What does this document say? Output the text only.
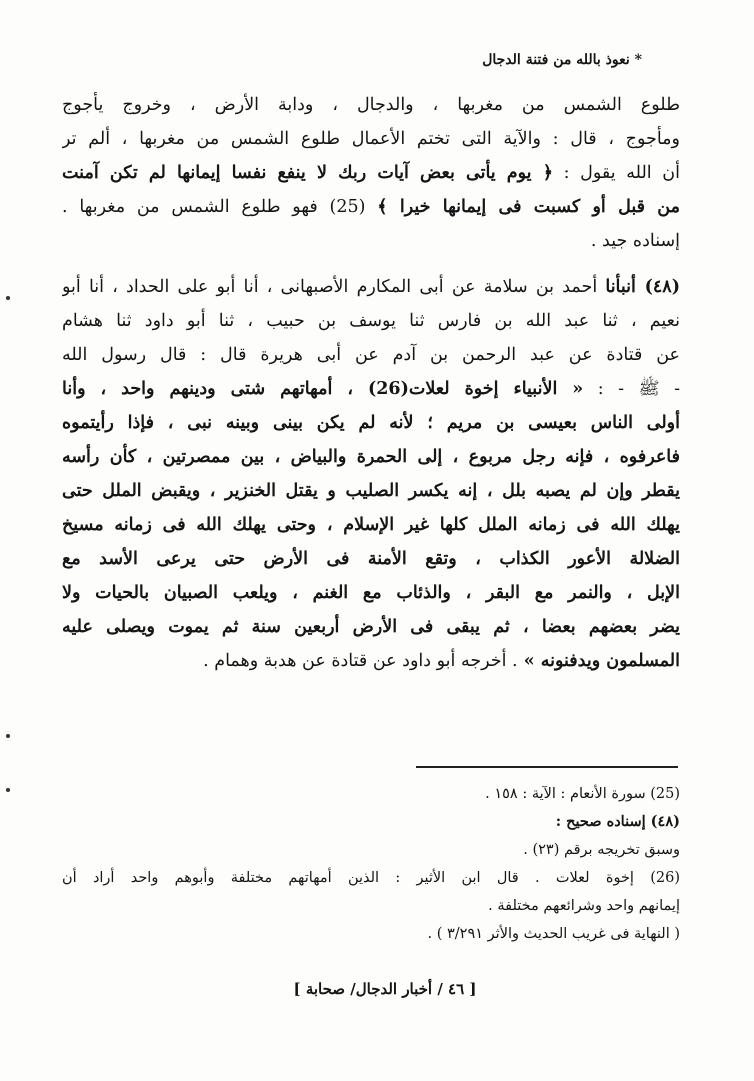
* نعوذ بالله من فتنة الدجال
طلوع الشمس من مغربها ، والدجال ، ودابة الأرض ، وخروج يأجوج
ومأجوج ، قال : والآية التى تختم الأعمال طلوع الشمس من مغربها ، ألم تر
أن الله يقول : ﴿ يوم يأتى بعض آيات ربك لا ينفع نفسا إيمانها لم تكن آمنت
من قبل أو كسبت فى إيمانها خيرا ﴾ (25) فهو طلوع الشمس من مغربها .
إسناده جيد .
(٤٨) أنبأنا أحمد بن سلامة عن أبى المكارم الأصبهانى ، أنا أبو على الحداد ، أنا أبو
نعيم ، ثنا عبد الله بن فارس ثنا يوسف بن حبيب ، ثنا أبو داود ثنا هشام
عن قتادة عن عبد الرحمن بن آدم عن أبى هريرة قال : قال رسول الله
- ﷺ - : « الأنبياء إخوة لعلات(26) ، أمهاتهم شتى ودينهم واحد ، وأنا
أولى الناس بعيسى بن مريم ؛ لأنه لم يكن بينى وبينه نبى ، فإذا رأيتموه
فاعرفوه ، فإنه رجل مربوع ، إلى الحمرة والبياض ، بين ممصرتين ، كأن رأسه
يقطر وإن لم يصبه بلل ، إنه يكسر الصليب و يقتل الخنزير ، ويقبض الملل حتى
يهلك الله فى زمانه الملل كلها غير الإسلام ، وحتى يهلك الله فى زمانه مسيخ
الضلالة الأعور الكذاب ، وتقع الأمنة فى الأرض حتى يرعى الأسد مع
الإبل ، والنمر مع البقر ، والذئاب مع الغنم ، ويلعب الصبيان بالحيات ولا
يضر بعضهم بعضا ، ثم يبقى فى الأرض أربعين سنة ثم يموت ويصلى عليه
المسلمون ويدفنونه » . أخرجه أبو داود عن قتادة عن هدبة وهمام .
(25) سورة الأنعام : الآية : ١٥٨ .
(٤٨) إسناده صحيح :
وسبق تخريجه برقم (٢٣) .
(26) إخوة لعلات . قال ابن الأثير : الذين أمهاتهم مختلفة وأبوهم واحد أراد أن
إيمانهم واحد وشرائعهم مختلفة .
( النهاية فى غريب الحديث والأثر ٣/٢٩١ ) .
[ ٤٦ / أخبار الدجال/ صحابة ]
